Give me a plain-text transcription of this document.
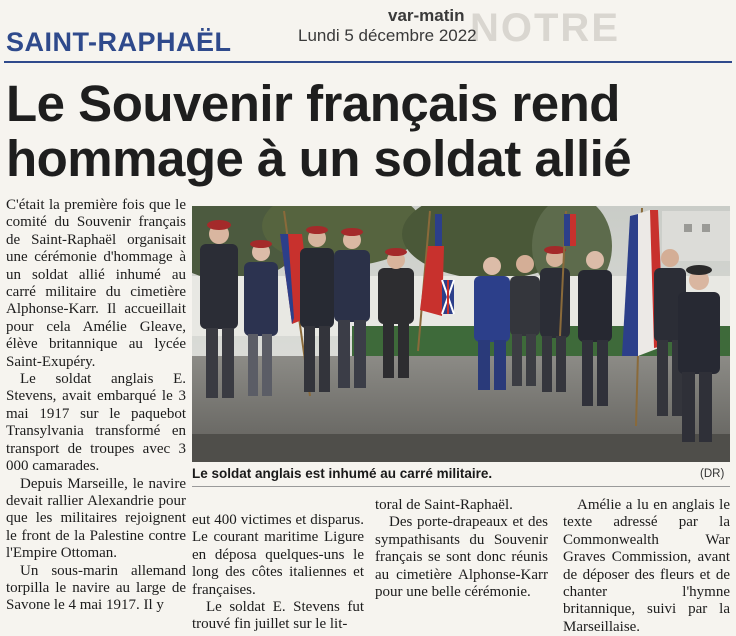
NOTRE
var-matin
Lundi 5 décembre 2022
SAINT-RAPHAËL
Le Souvenir français rend
hommage à un soldat allié

C'était la première fois que le comité du Souvenir français de Saint-Raphaël organisait une cérémonie d'hommage à un soldat allié inhumé au carré militaire du cimetière Alphonse-Karr. Il accueillait pour cela Amélie Gleave, élève britannique au lycée Saint-Exupéry.

Le soldat anglais E. Stevens, avait embarqué le 3 mai 1917 sur le paquebot Transylvania transformé en transport de troupes avec 3 000 camarades.

Depuis Marseille, le navire devait rallier Alexandrie pour que les militaires rejoignent le front de la Palestine contre l'Empire Ottoman.

Un sous-marin allemand torpilla le navire au large de Savone le 4 mai 1917. Il y

Le soldat anglais est inhumé au carré militaire.	(DR)

eut 400 victimes et disparus. Le courant maritime Ligure en déposa quelques-uns le long des côtes italiennes et françaises.

Le soldat E. Stevens fut trouvé fin juillet sur le lit-

toral de Saint-Raphaël.

Des porte-drapeaux et des sympathisants du Souvenir français se sont donc réunis au cimetière Alphonse-Karr pour une belle cérémonie.

Amélie a lu en anglais le texte adressé par la Commonwealth War Graves Commission, avant de déposer des fleurs et de chanter l'hymne britannique, suivi par la Marseillaise.
